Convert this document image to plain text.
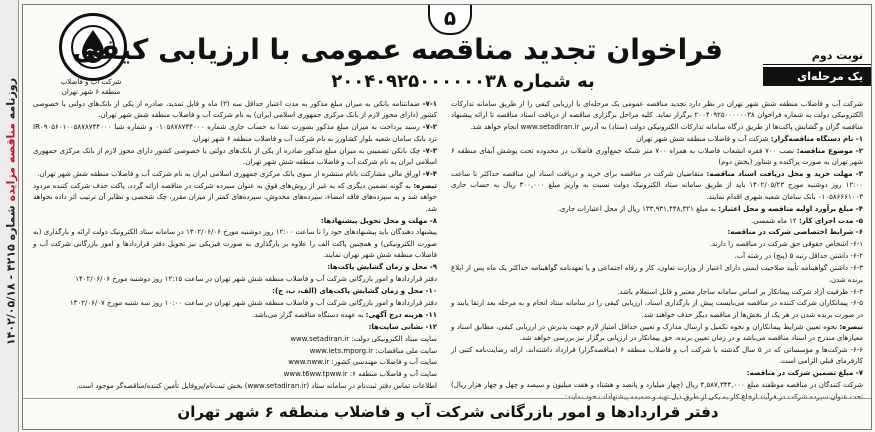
روزنامه مناقصه مزایده شماره ۴۲۱۵ - ۱۴۰۲/۰۵/۱۸
۵
شرکت آب و فاضلاب
منطقه ۶ شهر تهران
فراخوان تجدید مناقصه عمومی با ارزیابی کیفی
به شماره ۲۰۰۴۰۹۲۵۰۰۰۰۰۰۳۸
نوبت دوم
یک مرحله‌ای

شرکت آب و فاضلاب منطقه شش شهر تهران در نظر دارد تجدید مناقصه عمومی یک مرحله‌ای با ارزیابی کیفی را از طریق سامانه تدارکات الکترونیکی دولت به شماره فراخوان ۲۰۰۴۰۹۲۵۰۰۰۰۰۰۳۸ برگزار نماید. کلیه مراحل برگزاری مناقصه از دریافت اسناد مناقصه تا ارائه پیشنهاد مناقصه گران و گشایش پاکت‌ها از طریق درگاه سامانه تدارکات الکترونیکی دولت (ستاد) به آدرس www.setadiran.ir انجام خواهد شد.

۱- نام دستگاه مناقصه‌گزار: شرکت آب و فاضلاب منطقه شش شهر تهران

۲- موضوع مناقصه: نصب ۷۰۰ فقره انشعاب فاضلاب به همراه ۷۰۰ متر شبکه جمع‌آوری فاضلاب در محدوده تحت پوشش آبفای منطقه ۶ شهر تهران به صورت پراکنده و شناور (بخش دوم)

۳- مهلت خرید و محل دریافت اسناد مناقصه: متقاضیان شرکت در مناقصه برای خرید و دریافت اسناد این مناقصه حداکثر تا ساعت ۱۲:۰۰ روز دوشنبه مورخ ۱۴۰۲/۰۵/۲۳ باید از طریق سامانه ستاد الکترونیک دولت نسبت به واریز مبلغ ۳۰۰,۰۰۰ ریال به حساب جاری ۰۱۰۵۸۶۶۶۱۰۰۳ بانک سامان شعبه شهری اقدام نمایند.

۴- مبلغ برآورد اولیه مناقصه و محل اعتبار: به مبلغ ۱۳۳,۹۳۱,۴۴۸,۳۲۱ ریال از محل اعتبارات جاری.

۵- مدت اجرای کار: ۱۲ ماه شمسی.

۶- شرایط اختصاصی شرکت در مناقصه:

۶-۱- اشخاص حقوقی حق شرکت در مناقصه را دارند.

۶-۲- داشتن حداقل رتبه ۵ (پنج) در رشته آب.

۶-۳- داشتن گواهینامه تأیید صلاحیت ایمنی دارای اعتبار از وزارت تعاون، کار و رفاه اجتماعی و یا تعهدنامه گواهینامه حداکثر یک ماه پس از ابلاغ برنده شدن.

۶-۴- ظرفیت آزاد شرکت پیمانکار بر اساس سامانه ساجار معتبر و قابل استعلام باشد.

۶-۵- پیمانکاران شرکت کننده در مناقصه می‌بایست پیش از بارگذاری اسناد، ارزیابی کیفی را در سامانه ستاد انجام و به مرحله بعد ارتقا یابند و در صورت برنده شدن در هر یک از بخش‌ها از مناقصه دیگر حذف خواهند شد.

تبصره: نحوه تعیین شرایط پیمانکاران و نحوه تکمیل و ارسال مدارک و تعیین حداقل امتیاز لازم جهت پذیرش در ارزیابی کیفی، مطابق اسناد و معیارهای مندرج در اسناد مناقصه می‌باشد و در زمان تعیین برنده، حق پیمانکار در ارزیابی برگزار نیز بررسی خواهد شد.

۶-۶- شرکت‌ها و مؤسساتی که در ۵ سال گذشته با شرکت آب و فاضلاب منطقه ۶ (مناقصه‌گزار) قرارداد داشته‌اند، ارائه رضایت‌نامه کتبی از کارفرمای قبلی الزامی است.

۷- مبلغ تضمین شرکت در مناقصه:

شرکت کنندگان در مناقصه موظفند مبلغ ۴,۵۸۷,۳۴۴,۰۰۰ ریال (چهار میلیارد و پانصد و هشتاد و هفت میلیون و سیصد و چهل و چهار هزار ریال) تحت عنوان سپرده شرکت در فرآیند ارجاع کار به یکی از طرق ذیل تهیه و ضمیمه پیشنهادات خود نمایند:

۷-۱- ضمانتنامه بانکی به میزان مبلغ مذکور به مدت اعتبار حداقل سه (۳) ماه و قابل تمدید، صادره از یکی از بانک‌های دولتی یا خصوصی کشور (دارای مجوز لازم از بانک مرکزی جمهوری اسلامی ایران) به نام شرکت آب و فاضلاب منطقه شش شهر تهران.

۷-۲- رسید پرداخت به میزان مبلغ مذکور بصورت نقدا به حساب جاری شماره ۰۱۰۵۸۷۸۷۴۴۰۰۰ و شماره شبا IR۰۹۰۵۶۰۱۰۰۵۸۷۸۷۴۴۰۰۰ نزد بانک سامان شعبه بلوار کشاورز به نام شرکت آب و فاضلاب منطقه ۶ شهر تهران.

۷-۳- چک بانکی تضمینی به میزان مبلغ مذکور صادره از یکی از بانک‌های دولتی یا خصوصی کشور دارای مجوز لازم از بانک مرکزی جمهوری اسلامی ایران به نام شرکت آب و فاضلاب منطقه شش شهر تهران.

۷-۴- اوراق مالی مشارکت بانام منتشره از سوی بانک مرکزی جمهوری اسلامی ایران به نام شرکت آب و فاضلاب منطقه شش شهر تهران.

تبصره: به گونه تضمین دیگری که به غیر از روش‌های فوق به عنوان سپرده شرکت در مناقصه ارائه گردد، پاکت حذف شرکت کننده مردود خواهد شد و به سپرده‌های فاقد امضاء، سپرده‌های مخدوش، سپرده‌های کمتر از میزان مقرر، چک شخصی و نظایر آن ترتیب اثر داده نخواهد شد.

۸- مهلت و محل تحویل پیشنهادها:

پیشنهاد دهندگان باید پیشنهادهای خود را تا ساعت ۱۲:۰۰ روز دوشنبه مورخ ۱۴۰۲/۰۶/۰۶ در سامانه ستاد الکترونیک دولت ارائه و بارگذاری (به صورت الکترونیکی) و همچنین پاکت الف را علاوه بر بارگذاری به صورت فیزیکی نیز تحویل دفتر قراردادها و امور بازرگانی شرکت آب و فاضلاب منطقه شش شهر تهران نمایند.

۹- محل و زمان گشایش پاکت‌ها:

دفتر قراردادها و امور بازرگانی شرکت آب و فاضلاب منطقه شش شهر تهران در ساعت ۱۲:۱۵ روز دوشنبه مورخ ۱۴۰۲/۰۶/۰۶

۱۰- محل و زمان گشایش پاکت‌های (الف، ب، ج):

دفتر قراردادها و امور بازرگانی شرکت آب و فاضلاب منطقه شش شهر تهران در ساعت ۱۰:۰۰ روز سه شنبه مورخ ۱۴۰۲/۰۶/۰۷

۱۱- هزینه درج آگهی: به عهده دستگاه مناقصه گزار می‌باشد.

۱۲- نشانی سایت‌ها:

سایت ستاد الکترونیکی دولت: www.setadiran.ir

سایت ملی مناقصات: www.iets.mporg.ir

سایت آب و فاضلاب مهندسی کشور: www.nww.ir

سایت آب و فاضلاب منطقه ۶: www.t6ww.tpww.ir

اطلاعات تماس دفتر ثبت‌نام در سامانه ستاد (www.setadiran.ir) بخش ثبت‌نام/پروفایل تأمین کننده/مناقصه‌گر موجود است.

دفتر قراردادها و امور بازرگانی شرکت آب و فاضلاب منطقه ۶ شهر تهران
